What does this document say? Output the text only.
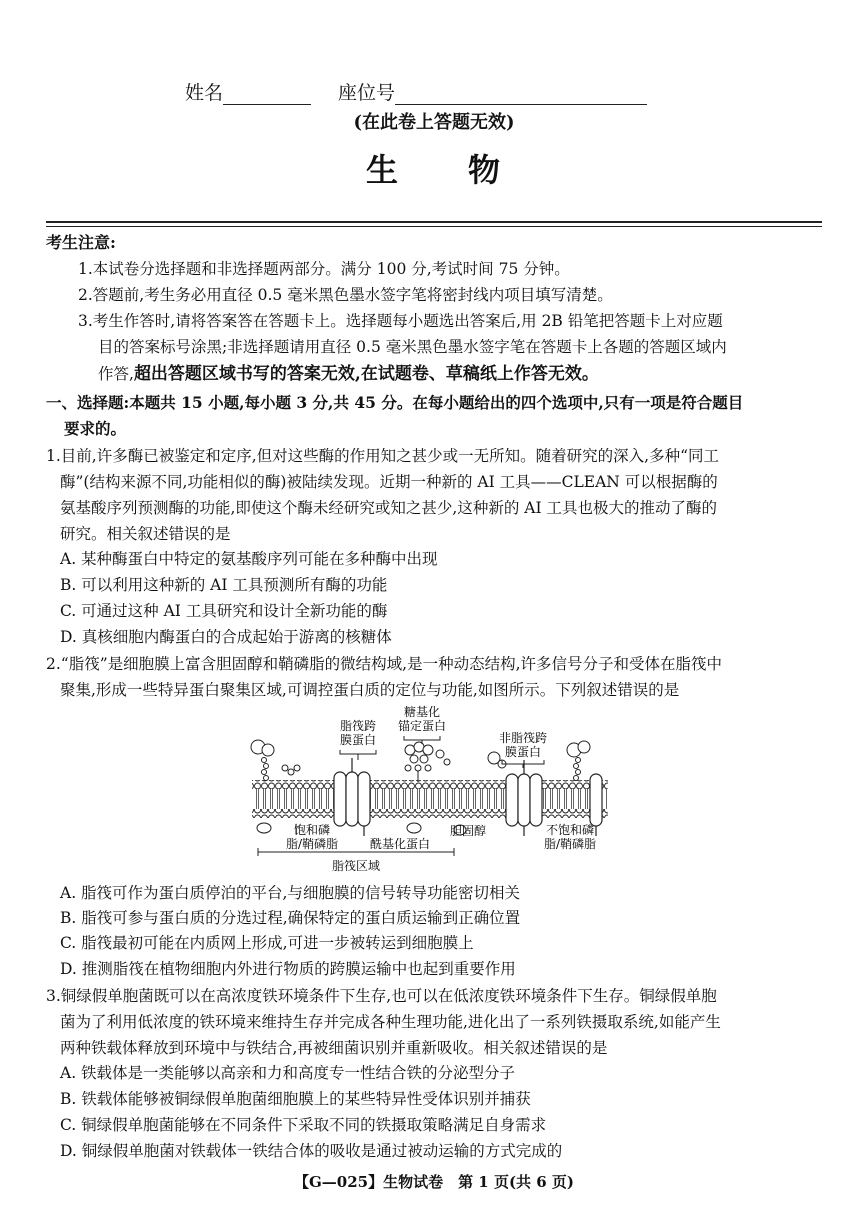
姓名	座位号
(在此卷上答题无效)
生　　物
考生注意:
1.本试卷分选择题和非选择题两部分。满分 100 分,考试时间 75 分钟。
2.答题前,考生务必用直径 0.5 毫米黑色墨水签字笔将密封线内项目填写清楚。
3.考生作答时,请将答案答在答题卡上。选择题每小题选出答案后,用 2B 铅笔把答题卡上对应题
目的答案标号涂黑;非选择题请用直径 0.5 毫米黑色墨水签字笔在答题卡上各题的答题区域内
作答,超出答题区域书写的答案无效,在试题卷、草稿纸上作答无效。
一、选择题:本题共 15 小题,每小题 3 分,共 45 分。在每小题给出的四个选项中,只有一项是符合题目
要求的。
1.目前,许多酶已被鉴定和定序,但对这些酶的作用知之甚少或一无所知。随着研究的深入,多种“同工
酶”(结构来源不同,功能相似的酶)被陆续发现。近期一种新的 AI 工具——CLEAN 可以根据酶的
氨基酸序列预测酶的功能,即使这个酶未经研究或知之甚少,这种新的 AI 工具也极大的推动了酶的
研究。相关叙述错误的是
A. 某种酶蛋白中特定的氨基酸序列可能在多种酶中出现
B. 可以利用这种新的 AI 工具预测所有酶的功能
C. 可通过这种 AI 工具研究和设计全新功能的酶
D. 真核细胞内酶蛋白的合成起始于游离的核糖体
2.“脂筏”是细胞膜上富含胆固醇和鞘磷脂的微结构域,是一种动态结构,许多信号分子和受体在脂筏中
聚集,形成一些特异蛋白聚集区域,可调控蛋白质的定位与功能,如图所示。下列叙述错误的是
脂筏跨
膜蛋白
糖基化
锚定蛋白
非脂筏跨
膜蛋白
饱和磷
脂/鞘磷脂	酰基化蛋白
胆固醇	不饱和磷
脂/鞘磷脂
脂筏区域
A. 脂筏可作为蛋白质停泊的平台,与细胞膜的信号转导功能密切相关
B. 脂筏可参与蛋白质的分选过程,确保特定的蛋白质运输到正确位置
C. 脂筏最初可能在内质网上形成,可进一步被转运到细胞膜上
D. 推测脂筏在植物细胞内外进行物质的跨膜运输中也起到重要作用
3.铜绿假单胞菌既可以在高浓度铁环境条件下生存,也可以在低浓度铁环境条件下生存。铜绿假单胞
菌为了利用低浓度的铁环境来维持生存并完成各种生理功能,进化出了一系列铁摄取系统,如能产生
两种铁载体释放到环境中与铁结合,再被细菌识别并重新吸收。相关叙述错误的是
A. 铁载体是一类能够以高亲和力和高度专一性结合铁的分泌型分子
B. 铁载体能够被铜绿假单胞菌细胞膜上的某些特异性受体识别并捕获
C. 铜绿假单胞菌能够在不同条件下采取不同的铁摄取策略满足自身需求
D. 铜绿假单胞菌对铁载体一铁结合体的吸收是通过被动运输的方式完成的
【G—025】生物试卷　第 1 页(共 6 页)
